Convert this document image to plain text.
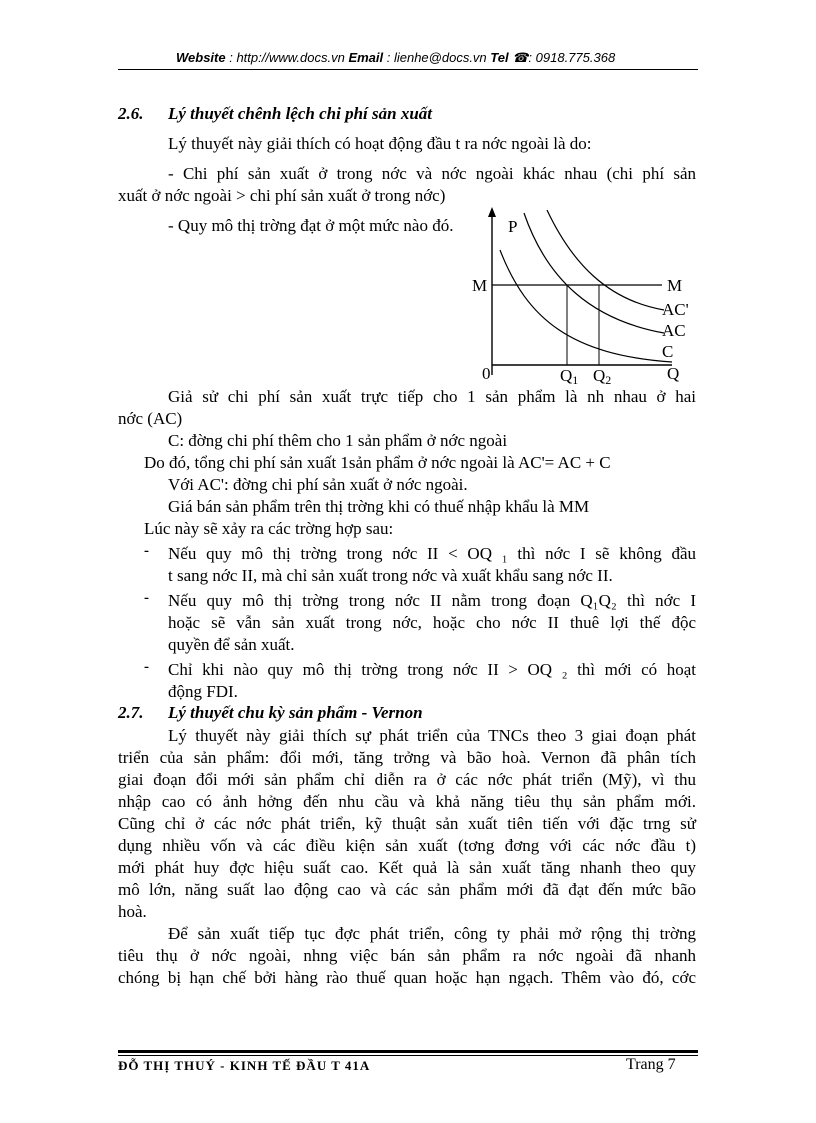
Website : http://www.docs.vn Email : lienhe@docs.vn Tel ☎: 0918.775.368
2.6. Lý thuyết chênh lệch chi phí sản xuất
Lý thuyết này giải thích có hoạt động đầu t ra nớc ngoài là do:
- Chi phí sản xuất ở trong nớc và nớc ngoài khác nhau (chi phí sản
xuất ở nớc ngoài > chi phí sản xuất ở trong nớc)
- Quy mô thị trờng đạt ở một mức nào đó.	P
M	M
AC'
AC
C
0	Q1 Q2	Q
Giả sử chi phí sản xuất trực tiếp cho 1 sản phẩm là nh nhau ở hai
nớc (AC)
C: đờng chi phí thêm cho 1 sản phẩm ở nớc ngoài
Do đó, tổng chi phí sản xuất 1sản phẩm ở nớc ngoài là AC'= AC + C
Với AC': đờng chi phí sản xuất ở nớc ngoài.
Giá bán sản phẩm trên thị trờng khi có thuế nhập khẩu là MM
Lúc này sẽ xảy ra các trờng hợp sau:
- Nếu quy mô thị trờng trong nớc II < OQ ₁ thì nớc I sẽ không đầu
t sang nớc II, mà chỉ sản xuất trong nớc và xuất khẩu sang nớc II.
- Nếu quy mô thị trờng trong nớc II nằm trong đoạn Q₁Q₂ thì nớc I
hoặc sẽ vẫn sản xuất trong nớc, hoặc cho nớc II thuê lợi thế độc
quyền để sản xuất.
- Chỉ khi nào quy mô thị trờng trong nớc II > OQ ₂ thì mới có hoạt
động FDI.
2.7. Lý thuyết chu kỳ sản phẩm - Vernon
Lý thuyết này giải thích sự phát triển của TNCs theo 3 giai đoạn phát
triển của sản phẩm: đổi mới, tăng trởng và bão hoà. Vernon đã phân tích
giai đoạn đổi mới sản phẩm chỉ diễn ra ở các nớc phát triển (Mỹ), vì thu
nhập cao có ảnh hởng đến nhu cầu và khả năng tiêu thụ sản phẩm mới.
Cũng chỉ ở các nớc phát triển, kỹ thuật sản xuất tiên tiến với đặc trng sử
dụng nhiều vốn và các điều kiện sản xuất (tơng đơng với các nớc đầu t)
mới phát huy đợc hiệu suất cao. Kết quả là sản xuất tăng nhanh theo quy
mô lớn, năng suất lao động cao và các sản phẩm mới đã đạt đến mức bão
hoà.
Để sản xuất tiếp tục đợc phát triển, công ty phải mở rộng thị trờng
tiêu thụ ở nớc ngoài, nhng việc bán sản phẩm ra nớc ngoài đã nhanh
chóng bị hạn chế bởi hàng rào thuế quan hoặc hạn ngạch. Thêm vào đó, cớc
ĐỖ THỊ THUÝ - KINH TẾ ĐẦU T 41A	Trang 7
